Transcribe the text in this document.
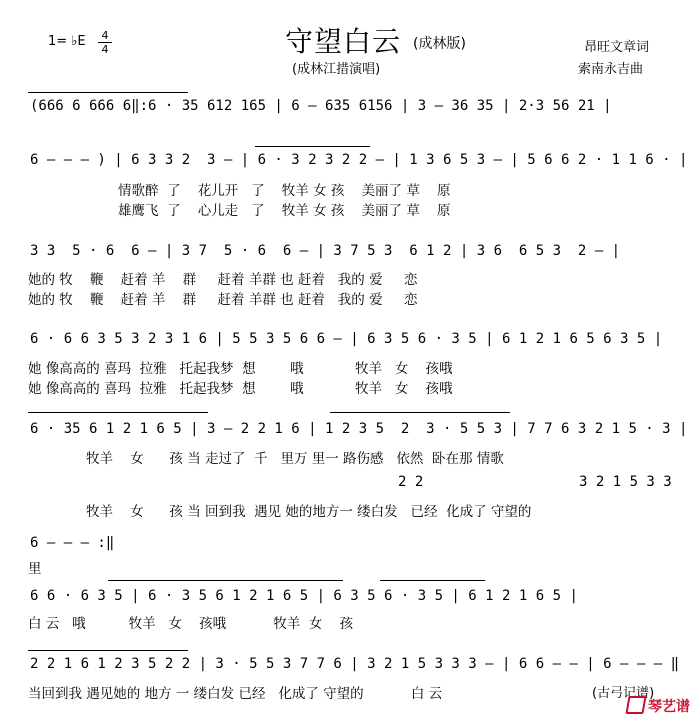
1= ♭E	4
4	守望白云 (成林版)
(成林江措演唱)
昂旺文章词
索南永吉曲
(666 6 666 6‖:6 · 35 612 165 | 6 – 635 6156 | 3 – 36 35 | 2·3 56 21 |
6 – – – ) | 6 3 3 2  3 – | 6 · 3 2 3 2 2 – | 1 3 6 5 3 – | 5 6 6 2 · 1 1 6 · |
情歌醉  了    花儿开   了    牧羊 女 孩    美丽了 草    原
雄鹰飞  了    心儿走   了    牧羊 女 孩    美丽了 草    原
3 3  5 · 6  6 – | 3 7  5 · 6  6 – | 3 7 5 3  6 1 2 | 3 6  6 5 3  2 – |
她的 牧    鞭    赶着 羊    群     赶着 羊群 也 赶着   我的 爱     恋
她的 牧    鞭    赶着 羊    群     赶着 羊群 也 赶着   我的 爱     恋
6 · 6 6 3 5 3 2 3 1 6 | 5 5 3 5 6 6 – | 6 3 5 6 · 3 5 | 6 1 2 1 6 5 6 3 5 |
她 像高高的 喜玛  拉雅   托起我梦  想        哦            牧羊   女    孩哦
她 像高高的 喜玛  拉雅   托起我梦  想        哦            牧羊   女    孩哦
6 · 35 6 1 2 1 6 5 | 3 – 2 2 1 6 | 1 2 3 5  2  3 · 5 5 3 | 7 7 6 3 2 1 5 · 3 |
牧羊    女      孩 当 走过了  千   里万 里一 路伤感   依然  卧在那 情歌
2 2	3 2 1 5 3 3
牧羊    女      孩 当 回到我  遇见 她的地方一 缕白发   已经  化成了 守望的
6 – – – :‖
里
6 6 · 6 3 5 | 6 · 3 5 6 1 2 1 6 5 | 6 3 5 6 · 3 5 | 6 1 2 1 6 5 |
白 云   哦          牧羊   女    孩哦           牧羊  女    孩
2 2 1 6 1 2 3 5 2 2 | 3 · 5 5 3 7 7 6 | 3 2 1 5 3 3 3 – | 6 6 – – | 6 – – – ‖
当回到我 遇见她的 地方 一 缕白发 已经   化成了 守望的           白 云	(古弓记谱)
琴艺谱
